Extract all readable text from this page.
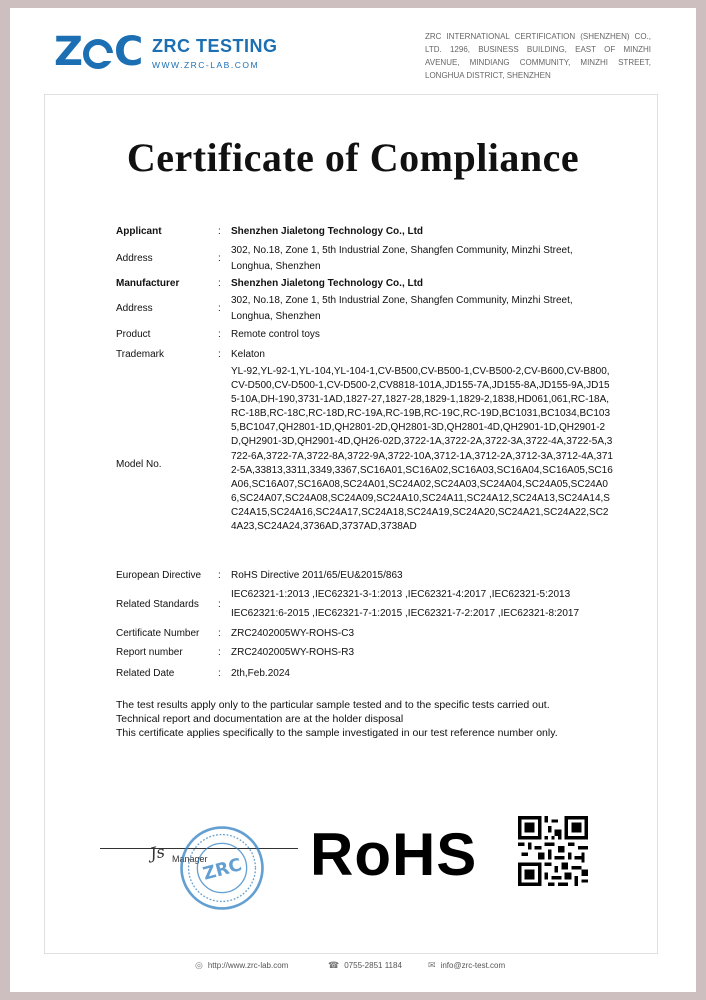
Z C ZRC TESTING
WWW.ZRC-LAB.COM
ZRC INTERNATIONAL CERTIFICATION (SHENZHEN) CO., LTD. 1296, BUSINESS BUILDING, EAST OF MINZHI AVENUE, MINDIANG COMMUNITY, MINZHI STREET, LONGHUA DISTRICT, SHENZHEN
Certificate of Compliance
Applicant	: Shenzhen Jialetong Technology Co., Ltd
Address	:
302, No.18, Zone 1, 5th Industrial Zone, Shangfen Community, Minzhi Street, Longhua, Shenzhen
Manufacturer	: Shenzhen Jialetong Technology Co., Ltd
Address	:
302, No.18, Zone 1, 5th Industrial Zone, Shangfen Community, Minzhi Street, Longhua, Shenzhen
Product	: Remote control toys
Trademark	: Kelaton
Model No.
YL-92,YL-92-1,YL-104,YL-104-1,CV-B500,CV-B500-1,CV-B500-2,CV-B600,CV-B800,CV-D500,CV-D500-1,CV-D500-2,CV8818-101A,JD155-7A,JD155-8A,JD155-9A,JD155-10A,DH-190,3731-1AD,1827-27,1827-28,1829-1,1829-2,1838,HD061,061,RC-18A,RC-18B,RC-18C,RC-18D,RC-19A,RC-19B,RC-19C,RC-19D,BC1031,BC1034,BC1035,BC1047,QH2801-1D,QH2801-2D,QH2801-3D,QH2801-4D,QH2901-1D,QH2901-2D,QH2901-3D,QH2901-4D,QH26-02D,3722-1A,3722-2A,3722-3A,3722-4A,3722-5A,3722-6A,3722-7A,3722-8A,3722-9A,3722-10A,3712-1A,3712-2A,3712-3A,3712-4A,3712-5A,33813,3311,3349,3367,SC16A01,SC16A02,SC16A03,SC16A04,SC16A05,SC16A06,SC16A07,SC16A08,SC24A01,SC24A02,SC24A03,SC24A04,SC24A05,SC24A06,SC24A07,SC24A08,SC24A09,SC24A10,SC24A11,SC24A12,SC24A13,SC24A14,SC24A15,SC24A16,SC24A17,SC24A18,SC24A19,SC24A20,SC24A21,SC24A22,SC24A23,SC24A24,3736AD,3737AD,3738AD
European Directive : RoHS Directive 2011/65/EU&2015/863
Related Standards :
IEC62321-1:2013 ,IEC62321-3-1:2013 ,IEC62321-4:2017 ,IEC62321-5:2013
IEC62321:6-2015 ,IEC62321-7-1:2015 ,IEC62321-7-2:2017 ,IEC62321-8:2017
Certificate Number : ZRC2402005WY-ROHS-C3
Report number	: ZRC2402005WY-ROHS-R3
Related Date	: 2th,Feb.2024
The test results apply only to the particular sample tested and to the specific tests carried out.
Technical report and documentation are at the holder disposal
This certificate applies specifically to the sample investigated in our test reference number only.
Js Manager
ZRC RoHS
◎ http://www.zrc-lab.com	☎ 0755-2851 1184	✉ info@zrc-test.com
